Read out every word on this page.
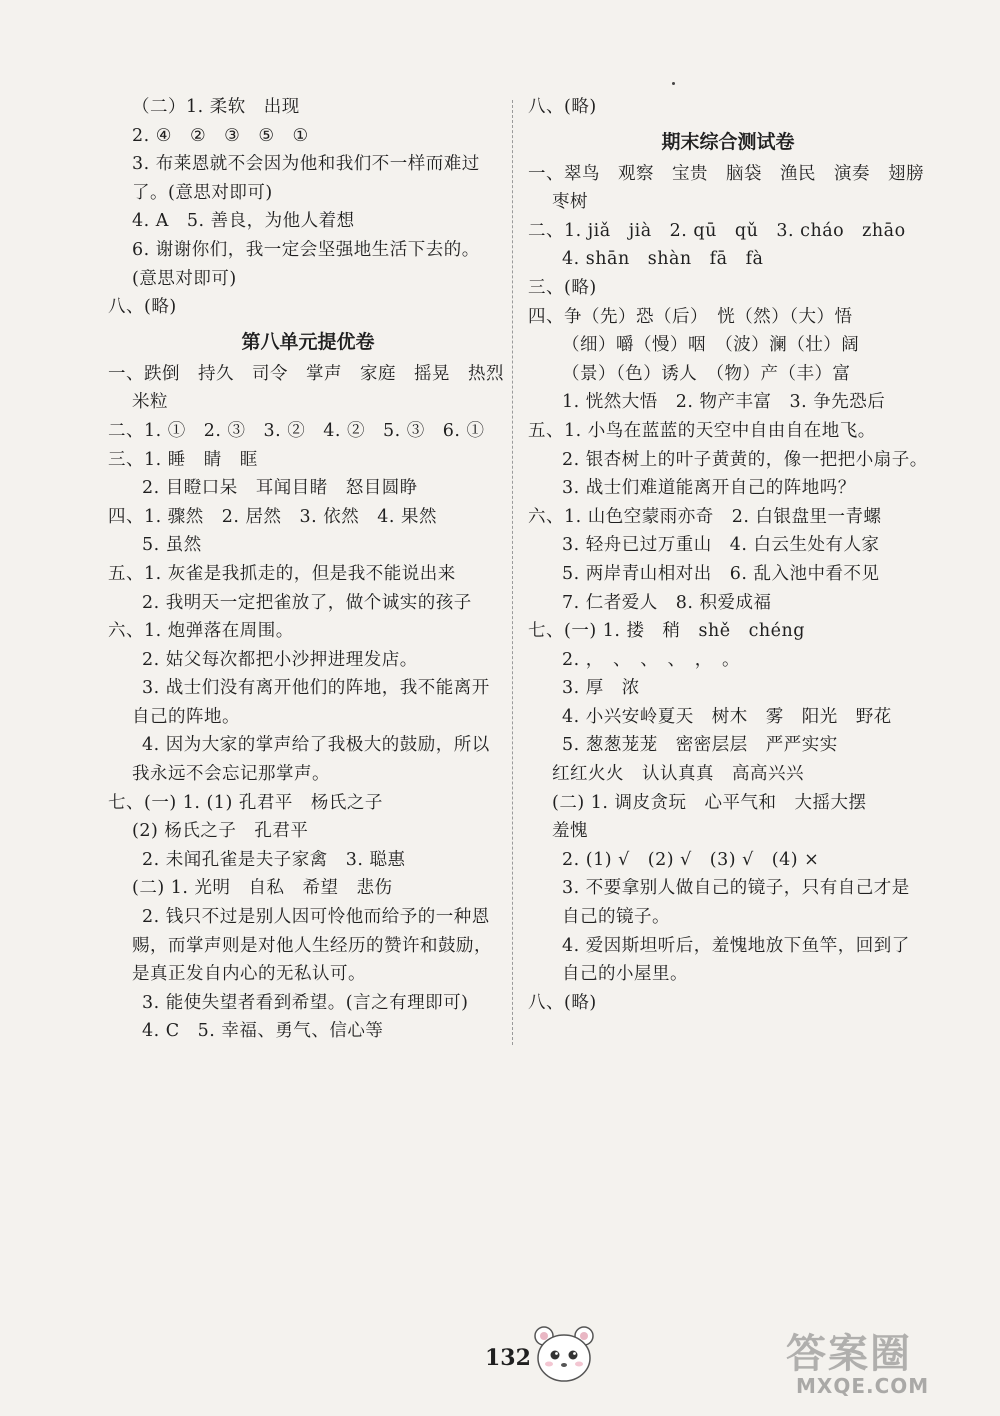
（二）1. 柔软　出现
2. ④　②　③　⑤　①
3. 布莱恩就不会因为他和我们不一样而难过
了。(意思对即可)
4. A　5. 善良，为他人着想
6. 谢谢你们，我一定会坚强地生活下去的。
(意思对即可)
八、(略)
第八单元提优卷
一、跌倒　持久　司令　掌声　家庭　摇晃　热烈
米粒
二、1. ①　2. ③　3. ②　4. ②　5. ③　6. ①
三、1. 睡　睛　眶
2. 目瞪口呆　耳闻目睹　怒目圆睁
四、1. 骤然　2. 居然　3. 依然　4. 果然
5. 虽然
五、1. 灰雀是我抓走的，但是我不能说出来
2. 我明天一定把雀放了，做个诚实的孩子
六、1. 炮弹落在周围。
2. 姑父每次都把小沙押进理发店。
3. 战士们没有离开他们的阵地，我不能离开
自己的阵地。
4. 因为大家的掌声给了我极大的鼓励，所以
我永远不会忘记那掌声。
七、(一) 1. (1) 孔君平　杨氏之子
(2) 杨氏之子　孔君平
2. 未闻孔雀是夫子家禽　3. 聪惠
(二) 1. 光明　自私　希望　悲伤
2. 钱只不过是别人因可怜他而给予的一种恩
赐，而掌声则是对他人生经历的赞许和鼓励，
是真正发自内心的无私认可。
3. 能使失望者看到希望。(言之有理即可)
4. C　5. 幸福、勇气、信心等
八、(略)
期末综合测试卷
一、翠鸟　观察　宝贵　脑袋　渔民　演奏　翅膀
枣树
二、1. jiǎ　jià　2. qū　qǔ　3. cháo　zhāo
4. shān　shàn　fā　fà
三、(略)
四、争（先）恐（后）　恍（然）（大）悟
（细）嚼（慢）咽　（波）澜（壮）阔
（景）（色）诱人　（物）产（丰）富
1. 恍然大悟　2. 物产丰富　3. 争先恐后
五、1. 小鸟在蓝蓝的天空中自由自在地飞。
2. 银杏树上的叶子黄黄的，像一把把小扇子。
3. 战士们难道能离开自己的阵地吗？
六、1. 山色空蒙雨亦奇　2. 白银盘里一青螺
3. 轻舟已过万重山　4. 白云生处有人家
5. 两岸青山相对出　6. 乱入池中看不见
7. 仁者爱人　8. 积爱成福
七、(一) 1. 搂　稍　shě　chéng
2. ，　、　、　、　，　。
3. 厚　浓
4. 小兴安岭夏天　树木　雾　阳光　野花
5. 葱葱茏茏　密密层层　严严实实
红红火火　认认真真　高高兴兴
(二) 1. 调皮贪玩　心平气和　大摇大摆
羞愧
2. (1) √　(2) √　(3) √　(4) ×
3. 不要拿别人做自己的镜子，只有自己才是
自己的镜子。
4. 爱因斯坦听后，羞愧地放下鱼竿，回到了
自己的小屋里。
八、(略)
132	答案圈
MXQE.COM
